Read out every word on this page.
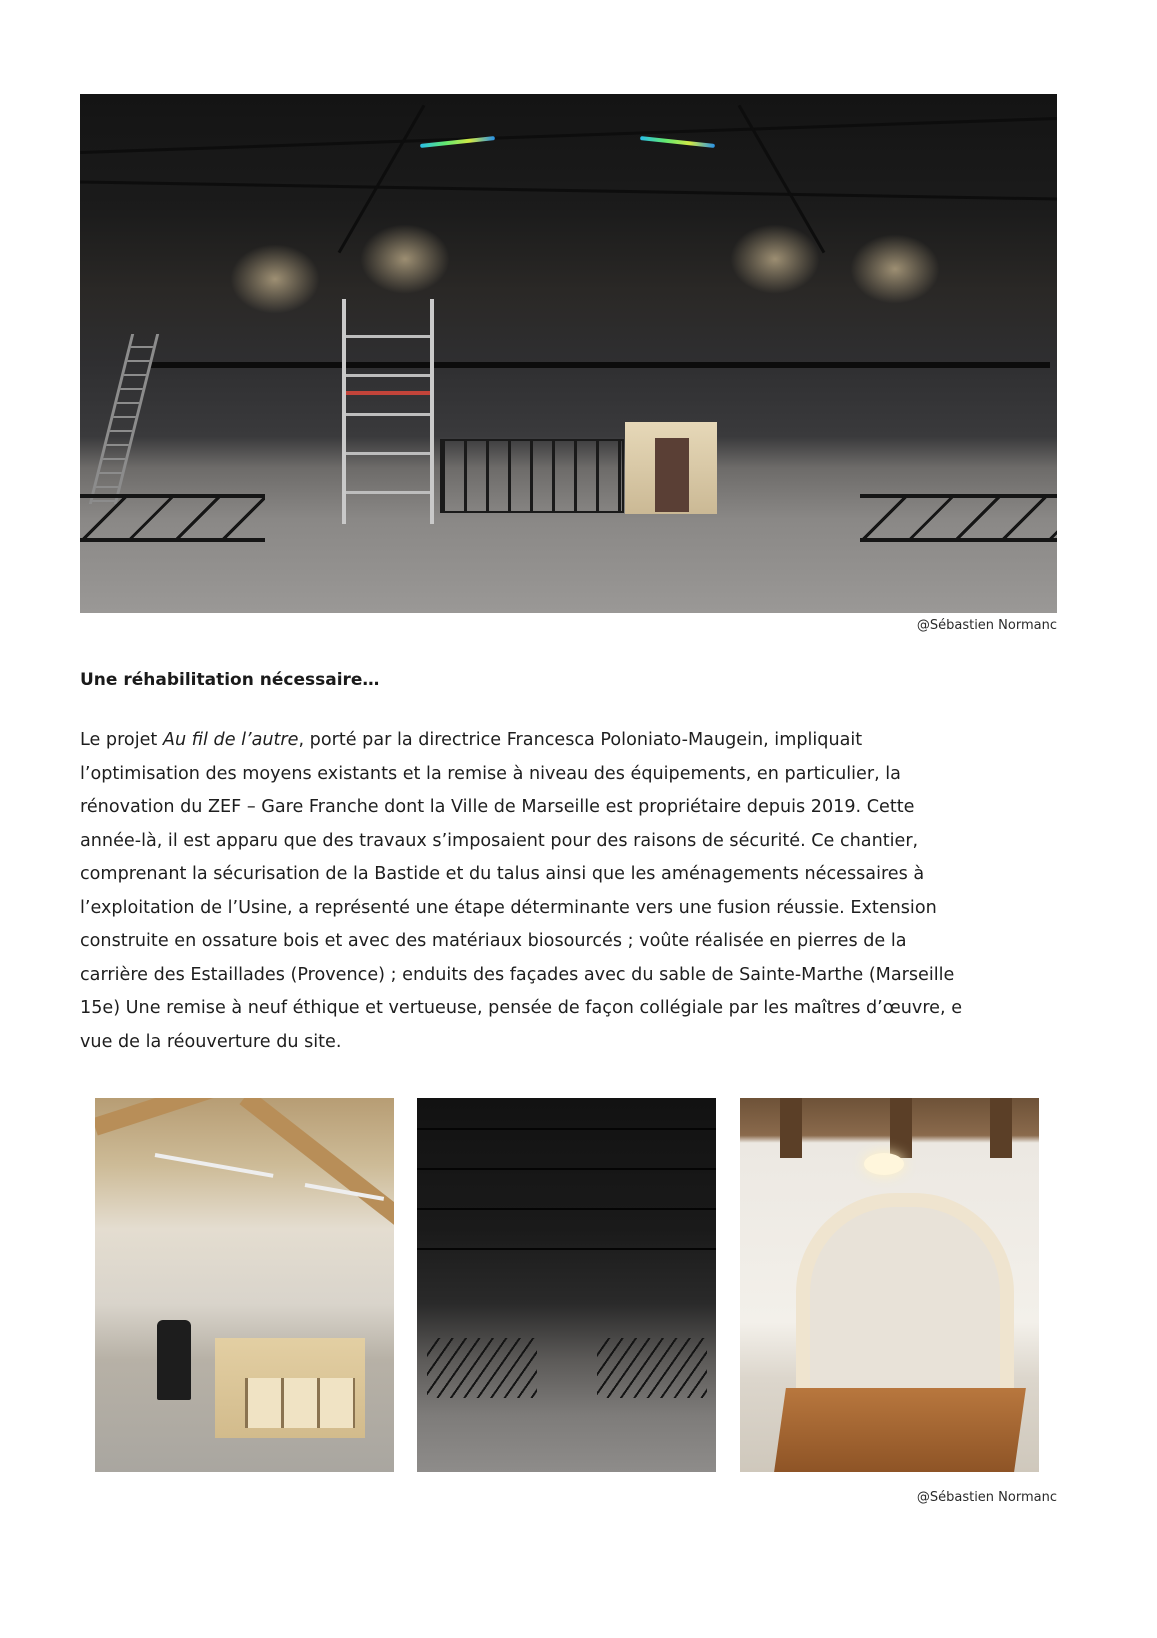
@Sébastien Normanc
Une réhabilitation nécessaire…
Le projet Au fil de l’autre, porté par la directrice Francesca Poloniato-Maugein, impliquait
l’optimisation des moyens existants et la remise à niveau des équipements, en particulier, la
rénovation du ZEF – Gare Franche dont la Ville de Marseille est propriétaire depuis 2019. Cette
année-là, il est apparu que des travaux s’imposaient pour des raisons de sécurité. Ce chantier,
comprenant la sécurisation de la Bastide et du talus ainsi que les aménagements nécessaires à
l’exploitation de l’Usine, a représenté une étape déterminante vers une fusion réussie. Extension
construite en ossature bois et avec des matériaux biosourcés ; voûte réalisée en pierres de la
carrière des Estaillades (Provence) ; enduits des façades avec du sable de Sainte-Marthe (Marseille
15e) Une remise à neuf éthique et vertueuse, pensée de façon collégiale par les maîtres d’œuvre, e
vue de la réouverture du site.
@Sébastien Normanc
